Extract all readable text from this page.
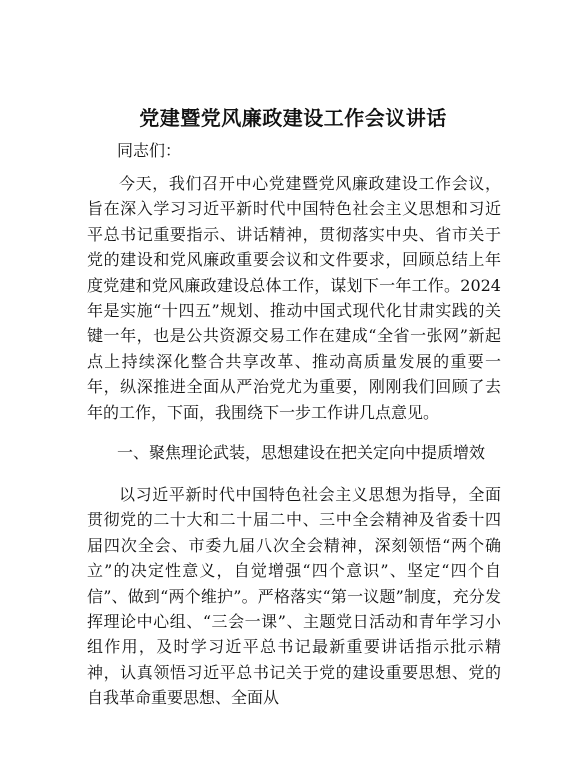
党建暨党风廉政建设工作会议讲话
同志们：
今天，我们召开中心党建暨党风廉政建设工作会议，旨在深入学习习近平新时代中国特色社会主义思想和习近平总书记重要指示、讲话精神，贯彻落实中央、省市关于党的建设和党风廉政重要会议和文件要求，回顾总结上年度党建和党风廉政建设总体工作，谋划下一年工作。2024年是实施“十四五”规划、推动中国式现代化甘肃实践的关键一年，也是公共资源交易工作在建成“全省一张网”新起点上持续深化整合共享改革、推动高质量发展的重要一年，纵深推进全面从严治党尤为重要，刚刚我们回顾了去年的工作，下面，我围绕下一步工作讲几点意见。
一、聚焦理论武装，思想建设在把关定向中提质增效
以习近平新时代中国特色社会主义思想为指导，全面贯彻党的二十大和二十届二中、三中全会精神及省委十四届四次全会、市委九届八次全会精神，深刻领悟“两个确立”的决定性意义，自觉增强“四个意识”、坚定“四个自信”、做到“两个维护”。严格落实“第一议题”制度，充分发挥理论中心组、“三会一课”、主题党日活动和青年学习小组作用，及时学习近平总书记最新重要讲话指示批示精神，认真领悟习近平总书记关于党的建设重要思想、党的自我革命重要思想、全面从
